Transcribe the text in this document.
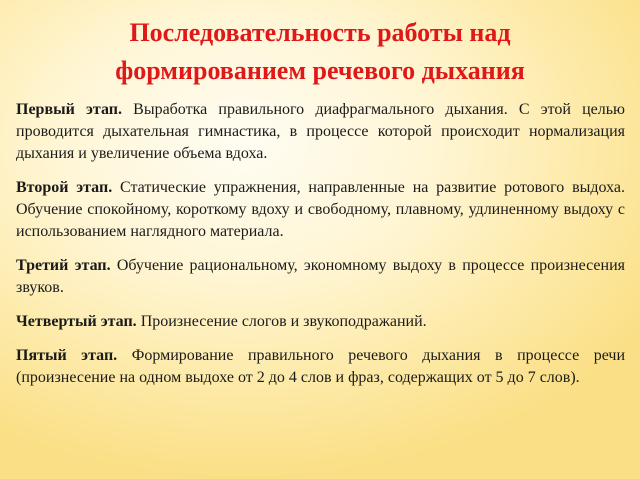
Последовательность работы над
формированием речевого дыхания

Первый этап. Выработка правильного диафрагмального дыхания. С этой целью проводится дыхательная гимнастика, в процессе которой происходит нормализация дыхания и увеличение объема вдоха.

Второй этап. Статические упражнения, направленные на развитие ротового выдоха. Обучение спокойному, короткому вдоху и свободному, плавному, удлиненному выдоху с использованием наглядного материала.

Третий этап. Обучение рациональному, экономному выдоху в процессе произнесения звуков.

Четвертый этап. Произнесение слогов и звукоподражаний.

Пятый этап. Формирование правильного речевого дыхания в процессе речи (произнесение на одном выдохе от 2 до 4 слов и фраз, содержащих от 5 до 7 слов).
